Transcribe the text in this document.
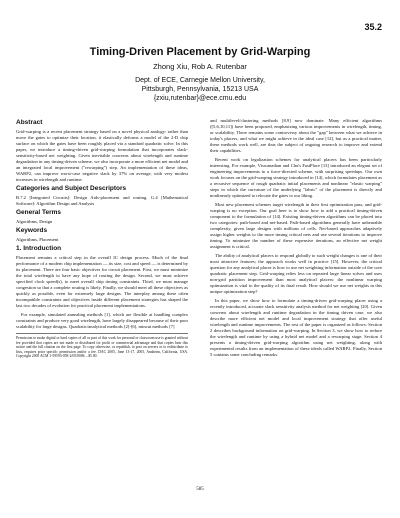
35.2
Timing-Driven Placement by Grid-Warping
Zhong Xiu, Rob A. Rutenbar
Dept. of ECE, Carnegie Mellon University,
Pittsburgh, Pennsylvania, 15213 USA
{zxiu,rutenbar}@ece.cmu.edu
Abstract

Grid-warping is a recent placement strategy based on a novel physical analogy: rather than move the gates to optimize their location, it elastically deforms a model of the 2-D chip surface on which the gates have been roughly placed via a standard quadratic solve. In this paper, we introduce a timing-driven grid-warping formulation that incorporates slack-sensitivity-based net weighting. Given inevitable concerns about wirelength and runtime degradation in any timing-driven scheme, we also incorporate a more efficient net model and an integrated local improvement ("rewarping") step. An implementation of these ideas, WARP2, can improve worst-case negative slack by 37% on average, with very modest increases in wirelength and runtime.

Categories and Subject Descriptors

B.7.2 [Integrated Circuits]: Design Aids-placement and routing. G.4 [Mathematical Software]: Algorithm Design and Analysis

General Terms

Algorithms, Design

Keywords

Algorithms, Placement

1. Introduction

Placement remains a critical step in the overall IC design process. Much of the final performance of a modern chip implementation — its size, cost and speed — is determined by its placement. There are four basic objectives for circuit placement. First, we must minimize the total wirelength to have any hope of routing the design. Second, we must achieve specified clock speed(s), to meet overall chip timing constraints. Third, we must manage congestion so that a complete routing is likely. Finally, we should meet all these objectives as quickly as possible, even for extremely large designs. The interplay among these often incompatible constraints and objectives inside different placement strategies has shaped the last two decades of evolution for practical placement implementations.

For example, simulated annealing methods [1], which are flexible at handling complex constraints and produce very good wirelength, have largely disappeared because of their poor scalability for large designs. Quadratic/analytical methods [2]-[6], mincut methods [7]

Permission to make digital or hard copies of all or part of this work for personal or classroom use is granted without fee provided that copies are not made or distributed for profit or commercial advantage and that copies bear this notice and the full citation on the first page. To copy otherwise, or republish, to post on servers or to redistribute to lists, requires prior specific permission and/or a fee. DAC 2005, June 13-17, 2005, Anaheim, California, USA. Copyright 2005 ACM 1-59593-058-2/05/0006 ...$5.00.

and multilevel/clustering methods [8,9] now dominate. Many efficient algorithms ([5,6,10,11]) have been proposed, emphasizing various improvements in wirelength, timing, or scalability. There remains some controversy about the "gap" between what we achieve in today's placers, and what we might achieve in the ideal case [12], but as a practical matter, these methods work well, are thus the subject of ongoing research to improve and extend their capabilities.

Recent work on legalization schemes for analytical placers has been particularly interesting. For example, Viswanathan and Chu's FastPlace [13] introduced an elegant set of engineering improvements to a force-directed scheme, with surprising speedups. Our own work focuses on the grid-warping strategy introduced in [14], which formulates placement as a recursive sequence of rough quadratic initial placements and nonlinear "elastic warping" steps in which the curvature of the underlying "fabric" of the placement is directly and nonlinearly optimized to relocate the gates to our liking.

Most new placement schemes target wirelength in their first optimization pass, and grid-warping is no exception. Our goal here is to show how to add a practical timing-driven component to the formulation of [14]. Existing timing-driven algorithms can be placed into two categories: path-based and net-based. Path-based algorithms generally have unbearable complexity, given large designs with millions of cells. Net-based approaches adaptively assign higher weights to the more timing critical nets and use several iterations to improve timing. To minimize the number of these expensive iterations, an effective net weight assignment is critical.

The ability of analytical placers to respond globally to such weight changes is one of their most attractive features; the approach works well in practice [15]. However, the critical question for any analytical placer is how to use net weighting information outside of the core quadratic placement step. Grid-warping relies less on repeated large linear solves and uses non-grid partition improvement than most analytical placers: the nonlinear warping optimization is vital to the quality of its final result. How should we use net weights in this unique optimization step?

In this paper, we show how to formulate a timing-driven grid-warping placer using a recently introduced, accurate slack sensitivity analysis method for net weighting [20]. Given concerns about wirelength and runtime degradation in the timing driven case, we also describe more efficient net model and local improvement strategy that offer useful wirelength and runtime improvements. The rest of the paper is organized as follows: Section 2 describes background information on grid-warping. In Section 3, we show how to reduce the wirelength and runtime by using a hybrid net model and a rewarping stage. Section 4 presents a timing-driven grid-warping algorithm using net weighting, along with experimental results from an implementation of these ideals called WARP2. Finally, Section 5 contains some concluding remarks.

585
